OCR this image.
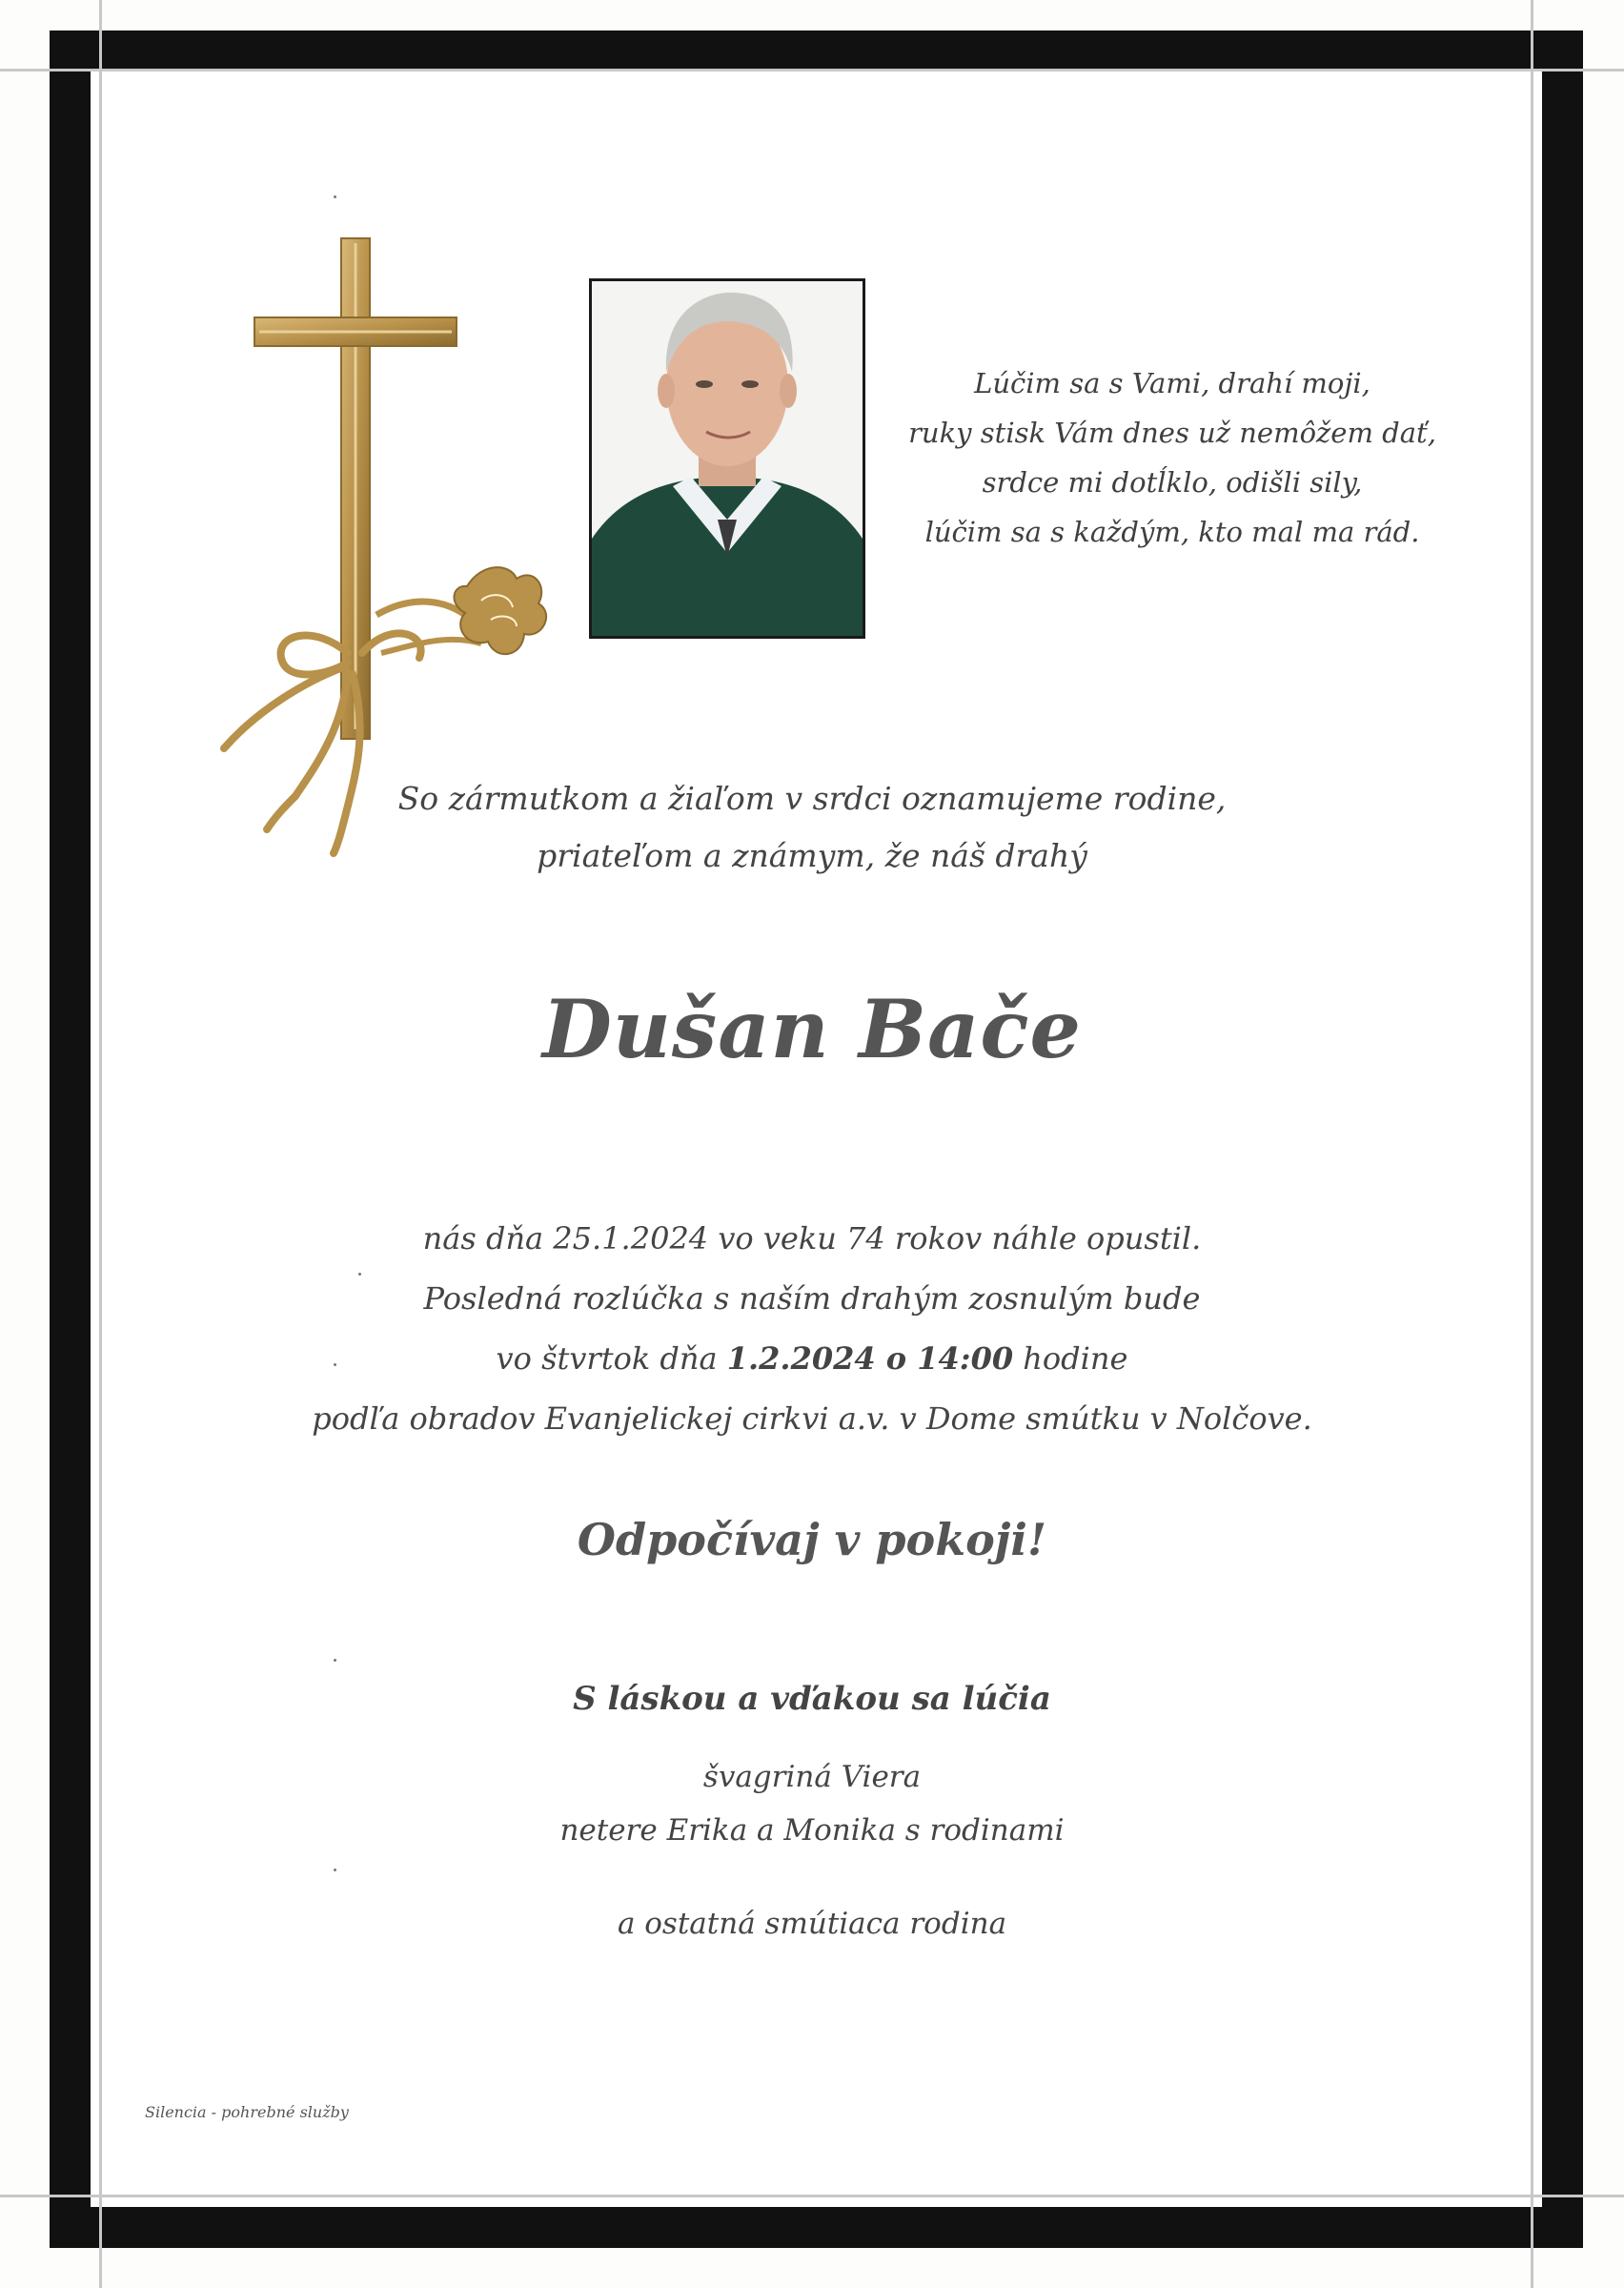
Lúčim sa s Vami, drahí moji,
ruky stisk Vám dnes už nemôžem dať,
srdce mi dotĺklo, odišli sily,
lúčim sa s každým, kto mal ma rád.
So zármutkom a žiaľom v srdci oznamujeme rodine,
priateľom a známym, že náš drahý
Dušan Bače
nás dňa 25.1.2024 vo veku 74 rokov náhle opustil.
Posledná rozlúčka s naším drahým zosnulým bude
vo štvrtok dňa 1.2.2024 o 14:00 hodine
podľa obradov Evanjelickej cirkvi a.v. v Dome smútku v Nolčove.
Odpočívaj v pokoji!
S láskou a vďakou sa lúčia
švagriná Viera
netere Erika a Monika s rodinami
a ostatná smútiaca rodina
Silencia - pohrebné služby
